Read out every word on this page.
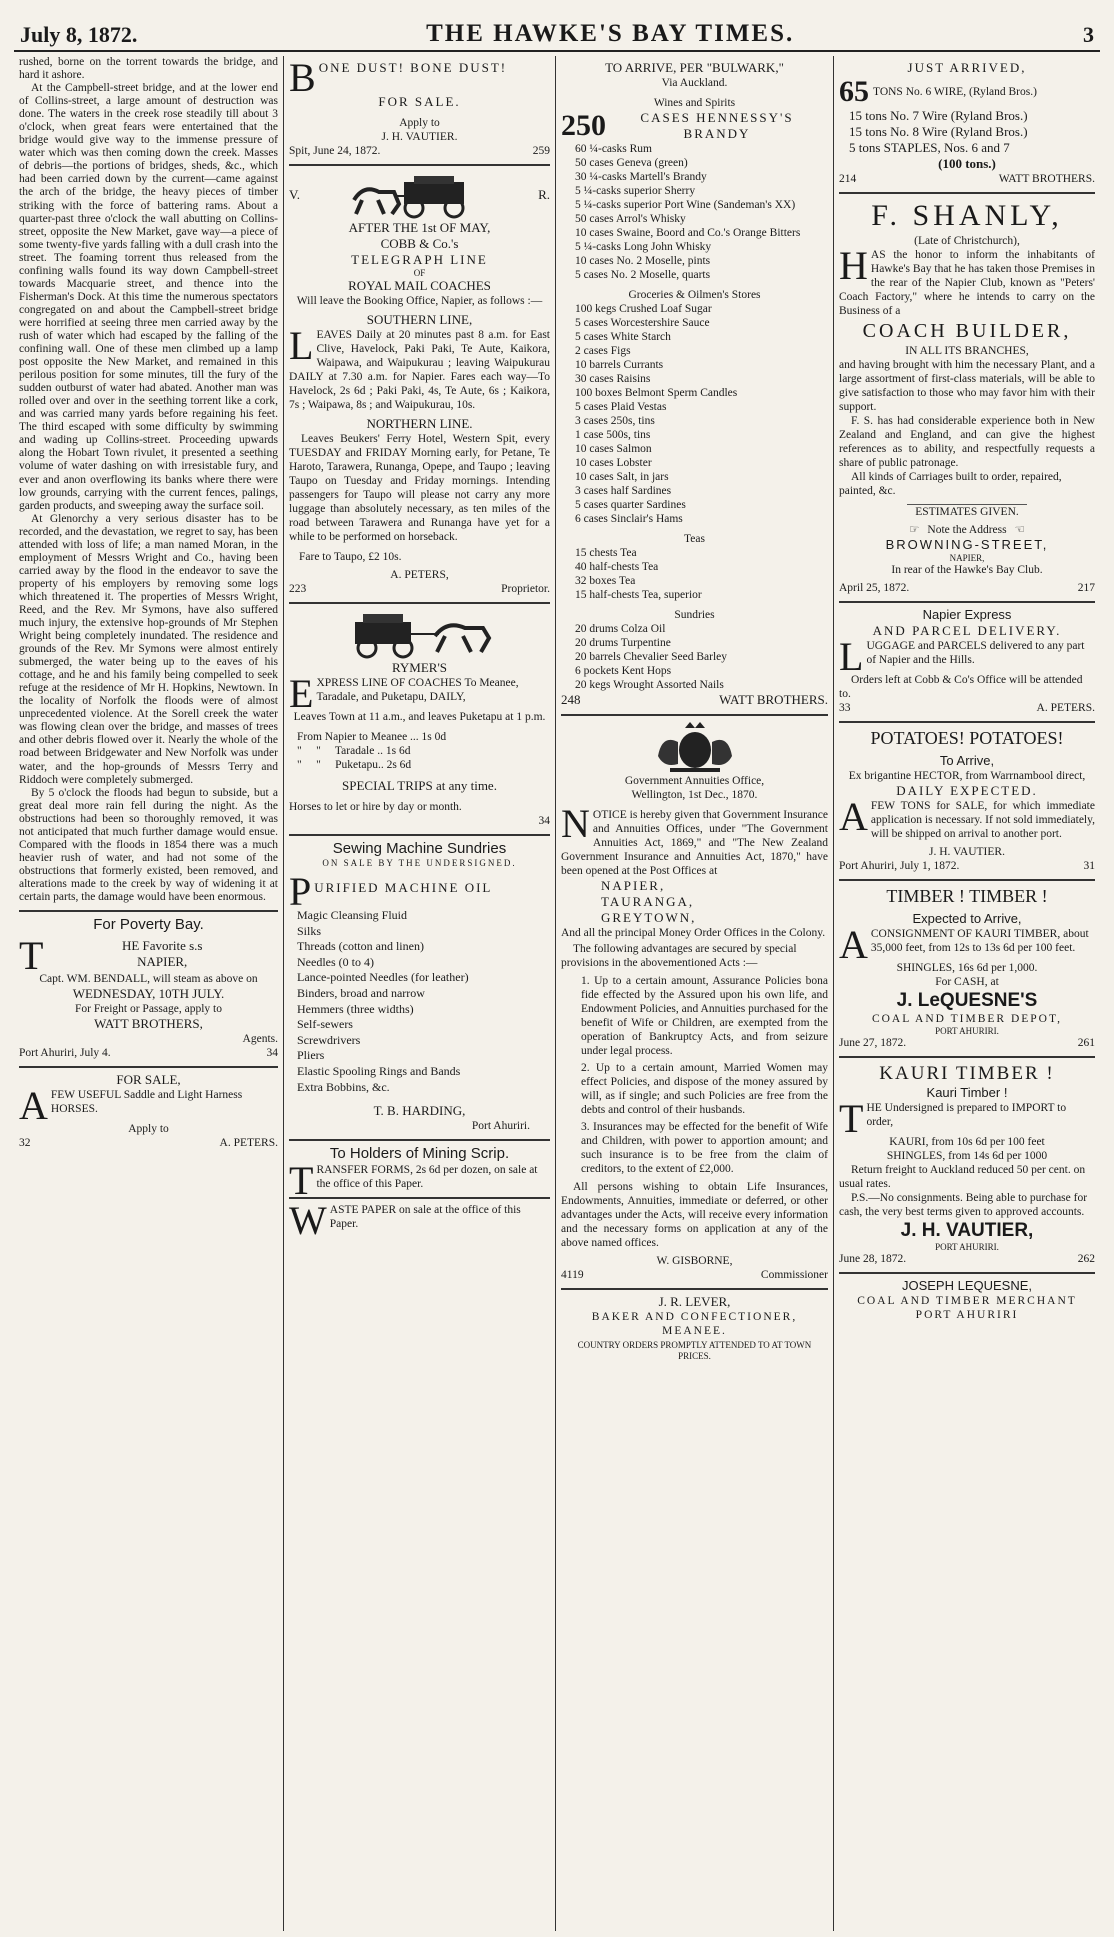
July 8, 1872.	THE HAWKE'S BAY TIMES.	3

rushed, borne on the torrent towards the bridge, and hard it ashore.

At the Campbell-street bridge, and at the lower end of Collins-street, a large amount of destruction was done. The waters in the creek rose steadily till about 3 o'clock, when great fears were entertained that the bridge would give way to the immense pressure of water which was then coming down the creek. Masses of debris—the portions of bridges, sheds, &c., which had been carried down by the current—came against the arch of the bridge, the heavy pieces of timber striking with the force of battering rams. About a quarter-past three o'clock the wall abutting on Collins-street, opposite the New Market, gave way—a piece of some twenty-five yards falling with a dull crash into the street. The foaming torrent thus released from the confining walls found its way down Campbell-street towards Macquarie street, and thence into the Fisherman's Dock. At this time the numerous spectators congregated on and about the Campbell-street bridge were horrified at seeing three men carried away by the rush of water which had escaped by the falling of the confining wall. One of these men climbed up a lamp post opposite the New Market, and remained in this perilous position for some minutes, till the fury of the sudden outburst of water had abated. Another man was rolled over and over in the seething torrent like a cork, and was carried many yards before regaining his feet. The third escaped with some difficulty by swimming and wading up Collins-street. Proceeding upwards along the Hobart Town rivulet, it presented a seething volume of water dashing on with irresistable fury, and ever and anon overflowing its banks where there were low grounds, carrying with the current fences, palings, garden products, and sweeping away the surface soil.

At Glenorchy a very serious disaster has to be recorded, and the devastation, we regret to say, has been attended with loss of life; a man named Moran, in the employment of Messrs Wright and Co., having been carried away by the flood in the endeavor to save the property of his employers by removing some logs which threatened it. The properties of Messrs Wright, Reed, and the Rev. Mr Symons, have also suffered much injury, the extensive hop-grounds of Mr Stephen Wright being completely inundated. The residence and grounds of the Rev. Mr Symons were almost entirely submerged, the water being up to the eaves of his cottage, and he and his family being compelled to seek refuge at the residence of Mr H. Hopkins, Newtown. In the locality of Norfolk the floods were of almost unprecedented violence. At the Sorell creek the water was flowing clean over the bridge, and masses of trees and other debris flowed over it. Nearly the whole of the road between Bridgewater and New Norfolk was under water, and the hop-grounds of Messrs Terry and Riddoch were completely submerged.

By 5 o'clock the floods had begun to subside, but a great deal more rain fell during the night. As the obstructions had been so thoroughly removed, it was not anticipated that much further damage would ensue. Compared with the floods in 1854 there was a much heavier rush of water, and had not some of the obstructions that formerly existed, been removed, and alterations made to the creek by way of widening it at certain parts, the damage would have been enormous.

For Poverty Bay.

T	HE Favorite s.s

NAPIER,

Capt. WM. BENDALL, will steam as above on

WEDNESDAY, 10TH JULY.

For Freight or Passage, apply to

WATT BROTHERS,

Agents.

Port Ahuriri, July 4.	34

FOR SALE,

A FEW USEFUL Saddle and Light Harness HORSES.

Apply to

32	A. PETERS.
B ONE DUST! BONE DUST!

FOR SALE.

Apply to

J. H. VAUTIER.

Spit, June 24, 1872.	259
V.	R.

AFTER THE 1st OF MAY,

COBB & Co.'s

TELEGRAPH LINE

OF

ROYAL MAIL COACHES

Will leave the Booking Office, Napier, as follows :—

SOUTHERN LINE,

L EAVES Daily at 20 minutes past 8 a.m. for East Clive, Havelock, Paki Paki, Te Aute, Kaikora, Waipawa, and Waipukurau ; leaving Waipukurau DAILY at 7.30 a.m. for Napier. Fares each way—To Havelock, 2s 6d ; Paki Paki, 4s, Te Aute, 6s ; Kaikora, 7s ; Waipawa, 8s ; and Waipukurau, 10s.

NORTHERN LINE.

Leaves Beukers' Ferry Hotel, Western Spit, every TUESDAY and FRIDAY Morning early, for Petane, Te Haroto, Tarawera, Runanga, Opepe, and Taupo ; leaving Taupo on Tuesday and Friday mornings. Intending passengers for Taupo will please not carry any more luggage than absolutely necessary, as ten miles of the road between Tarawera and Runanga have yet for a while to be performed on horseback.

Fare to Taupo, £2 10s.

A. PETERS,

223	Proprietor.

RYMER'S

E XPRESS LINE OF COACHES To Meanee, Taradale, and Puketapu, DAILY,

Leaves Town at 11 a.m., and leaves Puketapu at 1 p.m.

From Napier to Meanee ... 1s 0d

"     "     Taradale .. 1s 6d

"     "     Puketapu.. 2s 6d

SPECIAL TRIPS at any time.

Horses to let or hire by day or month.

34

Sewing Machine Sundries

ON SALE BY THE UNDERSIGNED.

P URIFIED MACHINE OIL

Magic Cleansing Fluid

Silks

Threads (cotton and linen)

Needles (0 to 4)

Lance-pointed Needles (for leather)

Binders, broad and narrow

Hemmers (three widths)

Self-sewers

Screwdrivers

Pliers

Elastic Spooling Rings and Bands

Extra Bobbins, &c.

T. B. HARDING,

Port Ahuriri.

To Holders of Mining Scrip.

T RANSFER FORMS, 2s 6d per dozen, on sale at the office of this Paper.

W ASTE PAPER on sale at the office of this Paper.

TO ARRIVE, PER "BULWARK,"

Via Auckland.

Wines and Spirits

250	CASES HENNESSY'S BRANDY

60 ¼-casks Rum

50 cases Geneva (green)

30 ¼-casks Martell's Brandy

5 ¼-casks superior Sherry

5 ¼-casks superior Port Wine (Sandeman's XX)

50 cases Arrol's Whisky

10 cases Swaine, Boord and Co.'s Orange Bitters

5 ¼-casks Long John Whisky

10 cases No. 2 Moselle, pints

5 cases No. 2 Moselle, quarts

Groceries & Oilmen's Stores

100 kegs Crushed Loaf Sugar

5 cases Worcestershire Sauce

5 cases White Starch

2 cases Figs

10 barrels Currants

30 cases Raisins

100 boxes Belmont Sperm Candles

5 cases Plaid Vestas

3 cases 250s, tins

1 case 500s, tins

10 cases Salmon

10 cases Lobster

10 cases Salt, in jars

3 cases half Sardines

5 cases quarter Sardines

6 cases Sinclair's Hams

Teas

15 chests Tea

40 half-chests Tea

32 boxes Tea

15 half-chests Tea, superior

Sundries

20 drums Colza Oil

20 drums Turpentine

20 barrels Chevalier Seed Barley

6 pockets Kent Hops

20 kegs Wrought Assorted Nails

248	WATT BROTHERS.

Government Annuities Office,

Wellington, 1st Dec., 1870.

N OTICE is hereby given that Government Insurance and Annuities Offices, under "The Government Annuities Act, 1869," and "The New Zealand Government Insurance and Annuities Act, 1870," have been opened at the Post Offices at

NAPIER,

TAURANGA,

GREYTOWN,

And all the principal Money Order Offices in the Colony.

The following advantages are secured by special provisions in the abovementioned Acts :—

1. Up to a certain amount, Assurance Policies bona fide effected by the Assured upon his own life, and Endowment Policies, and Annuities purchased for the benefit of Wife or Children, are exempted from the operation of Bankruptcy Acts, and from seizure under legal process.

2. Up to a certain amount, Married Women may effect Policies, and dispose of the money assured by will, as if single; and such Policies are free from the debts and control of their husbands.

3. Insurances may be effected for the benefit of Wife and Children, with power to apportion amount; and such insurance is to be free from the claim of creditors, to the extent of £2,000.

All persons wishing to obtain Life Insurances, Endowments, Annuities, immediate or deferred, or other advantages under the Acts, will receive every information and the necessary forms on application at any of the above named offices.

W. GISBORNE,

4119	Commissioner

J. R. LEVER,

BAKER AND CONFECTIONER,

MEANEE.

COUNTRY ORDERS PROMPTLY ATTENDED TO AT TOWN PRICES.

JUST ARRIVED,

65 TONS No. 6 WIRE, (Ryland Bros.)

15 tons No. 7 Wire (Ryland Bros.)

15 tons No. 8 Wire (Ryland Bros.)

5 tons STAPLES, Nos. 6 and 7

(100 tons.)

214	WATT BROTHERS.

F. SHANLY,

(Late of Christchurch),

H AS the honor to inform the inhabitants of Hawke's Bay that he has taken those Premises in the rear of the Napier Club, known as "Peters' Coach Factory," where he intends to carry on the Business of a

COACH BUILDER,

IN ALL ITS BRANCHES,

and having brought with him the necessary Plant, and a large assortment of first-class materials, will be able to give satisfaction to those who may favor him with their support.

F. S. has had considerable experience both in New Zealand and England, and can give the highest references as to ability, and respectfully requests a share of public patronage.

All kinds of Carriages built to order, repaired, painted, &c.

ESTIMATES GIVEN.

☞ Note the Address ☜

BROWNING-STREET,

NAPIER,

In rear of the Hawke's Bay Club.

April 25, 1872.	217

Napier Express

AND PARCEL DELIVERY.

L UGGAGE and PARCELS delivered to any part of Napier and the Hills.

Orders left at Cobb & Co's Office will be attended to.

33	A. PETERS.

POTATOES! POTATOES!

To Arrive,

Ex brigantine HECTOR, from Warrnambool direct,

DAILY EXPECTED.

A FEW TONS for SALE, for which immediate application is necessary. If not sold immediately, will be shipped on arrival to another port.

J. H. VAUTIER.

Port Ahuriri, July 1, 1872.	31

TIMBER ! TIMBER !

Expected to Arrive,

A CONSIGNMENT OF KAURI TIMBER, about 35,000 feet, from 12s to 13s 6d per 100 feet.

SHINGLES, 16s 6d per 1,000.

For CASH, at

J. LeQUESNE'S

COAL AND TIMBER DEPOT,

PORT AHURIRI.

June 27, 1872.	261

KAURI TIMBER !

Kauri Timber !

T HE Undersigned is prepared to IMPORT to order,

KAURI, from 10s 6d per 100 feet

SHINGLES, from 14s 6d per 1000

Return freight to Auckland reduced 50 per cent. on usual rates.

P.S.—No consignments. Being able to purchase for cash, the very best terms given to approved accounts.

J. H. VAUTIER,

PORT AHURIRI.

June 28, 1872.	262

JOSEPH LEQUESNE,

COAL AND TIMBER MERCHANT

PORT AHURIRI
